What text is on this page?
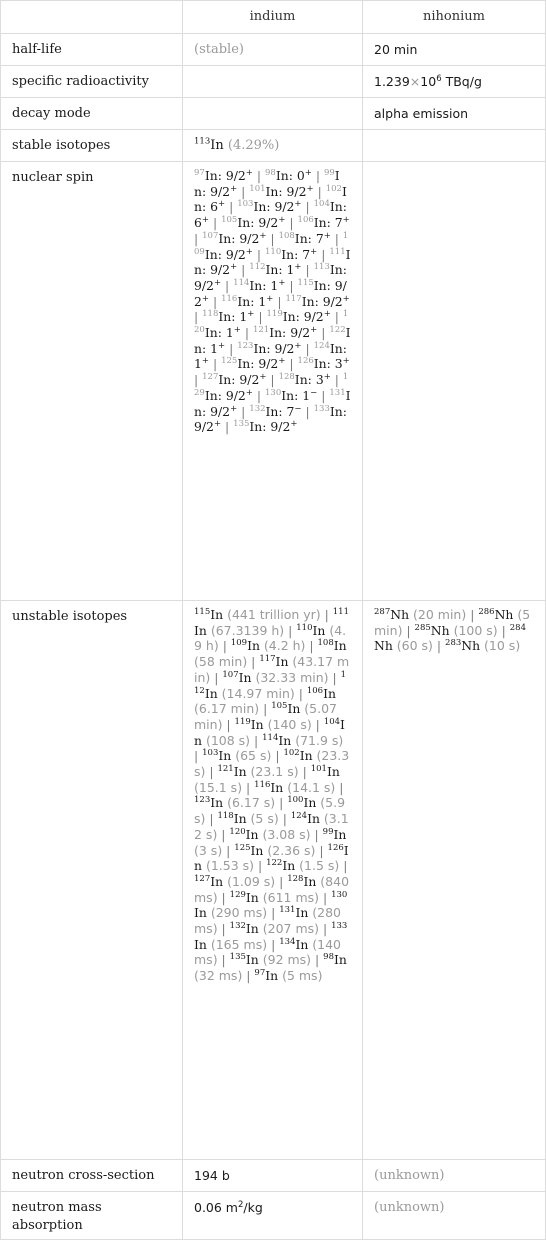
	indium	nihonium
half-life	(stable)	20 min
specific radioactivity		$1.239\times 10^6$ TBq/g
decay mode		alpha emission
stable isotopes	$^{113}$In (4.29%)	
nuclear spin	$^{97}$In: 9/2+ | $^{98}$In: 0+ | $^{99}$In: 9/2+ | $^{101}$In: 9/2+ | $^{102}$In: 6+ | $^{103}$In: 9/2+ | $^{104}$In: 6+ | $^{105}$In: 9/2+ | $^{106}$In: 7+ | $^{107}$In: 9/2+ | $^{108}$In: 7+ | $^{109}$In: 9/2+ | $^{110}$In: 7+ | $^{111}$In: 9/2+ | $^{112}$In: 1+ | $^{113}$In: 9/2+ | $^{114}$In: 1+ | $^{115}$In: 9/2+ | $^{116}$In: 1+ | $^{117}$In: 9/2+ | $^{118}$In: 1+ | $^{119}$In: 9/2+ | $^{120}$In: 1+ | $^{121}$In: 9/2+ | $^{122}$In: 1+ | $^{123}$In: 9/2+ | $^{124}$In: 1+ | $^{125}$In: 9/2+ | $^{126}$In: 3+ | $^{127}$In: 9/2+ | $^{128}$In: 3+ | $^{129}$In: 9/2+ | $^{130}$In: 1− | $^{131}$In: 9/2+ | $^{132}$In: 7− | $^{133}$In: 9/2+ | $^{135}$In: 9/2+	
unstable isotopes	$^{115}$In (441 trillion yr) | $^{111}$In (67.3139 h) | $^{110}$In (4.9 h) | $^{109}$In (4.2 h) | $^{108}$In (58 min) | $^{117}$In (43.17 min) | $^{107}$In (32.33 min) | $^{112}$In (14.97 min) | $^{106}$In (6.17 min) | $^{105}$In (5.07 min) | $^{119}$In (140 s) | $^{104}$In (108 s) | $^{114}$In (71.9 s) | $^{103}$In (65 s) | $^{102}$In (23.3 s) | $^{121}$In (23.1 s) | $^{101}$In (15.1 s) | $^{116}$In (14.1 s) | $^{123}$In (6.17 s) | $^{100}$In (5.9 s) | $^{118}$In (5 s) | $^{124}$In (3.12 s) | $^{120}$In (3.08 s) | $^{99}$In (3 s) | $^{125}$In (2.36 s) | $^{126}$In (1.53 s) | $^{122}$In (1.5 s) | $^{127}$In (1.09 s) | $^{128}$In (840 ms) | $^{129}$In (611 ms) | $^{130}$In (290 ms) | $^{131}$In (280 ms) | $^{132}$In (207 ms) | $^{133}$In (165 ms) | $^{134}$In (140 ms) | $^{135}$In (92 ms) | $^{98}$In (32 ms) | $^{97}$In (5 ms)	$^{287}$Nh (20 min) | $^{286}$Nh (5 min) | $^{285}$Nh (100 s) | $^{284}$Nh (60 s) | $^{283}$Nh (10 s)
neutron cross-section	194 b	(unknown)
neutron mass absorption	0.06 $m^2/kg$	(unknown)
